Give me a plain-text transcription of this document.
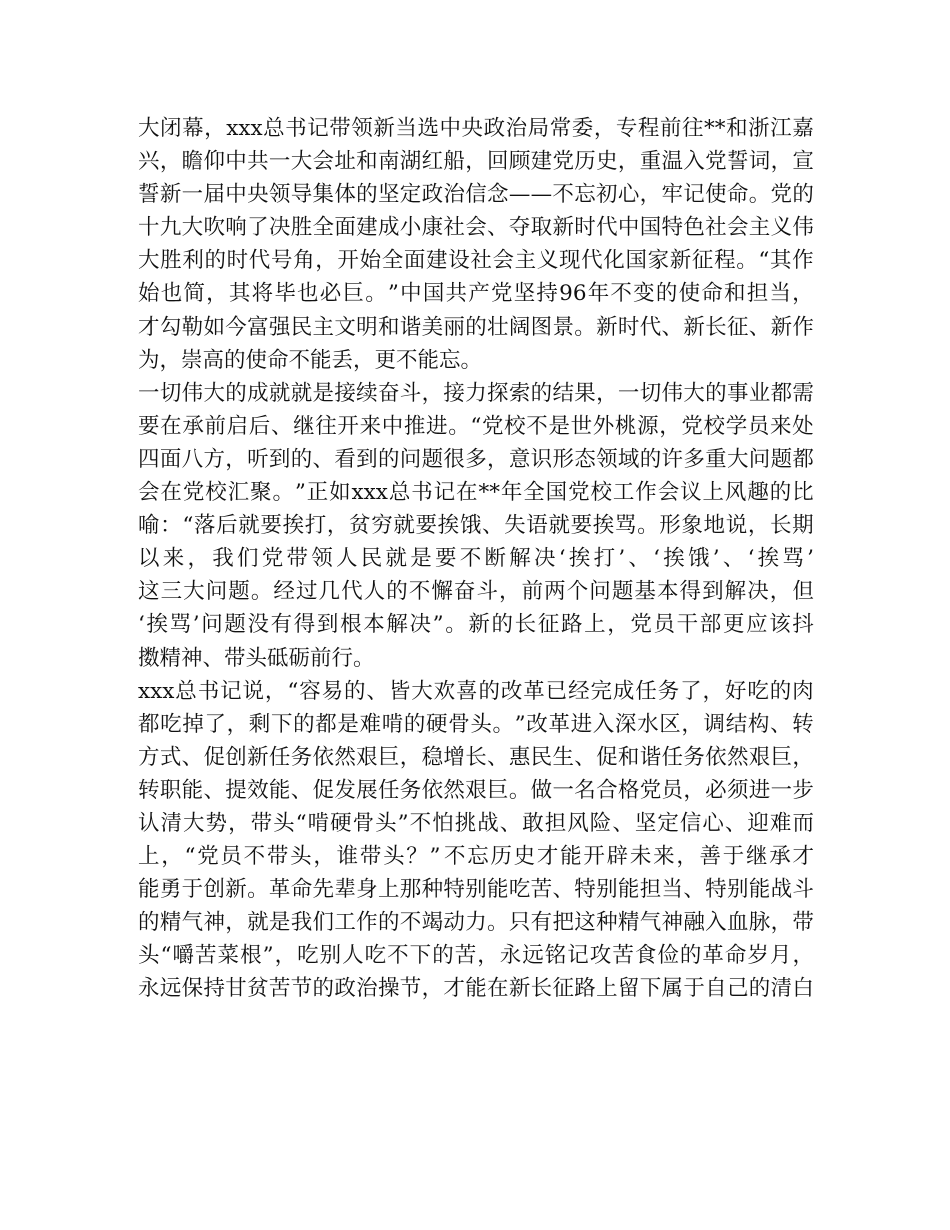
大 闭 幕 ， xxx 总 书 记 带 领 新 当 选 中 央 政 治 局 常 委 ， 专 程 前 往 ** 和 浙 江 嘉
兴 ， 瞻 仰 中 共 一 大 会 址 和 南 湖 红 船 ， 回 顾 建 党 历 史 ， 重 温 入 党 誓 词 ， 宣
誓 新 一 届 中 央 领 导 集 体 的 坚 定 政 治 信 念 — — 不 忘 初 心 ， 牢 记 使 命 。 党 的
十 九 大 吹 响 了 决 胜 全 面 建 成 小 康 社 会 、 夺 取 新 时 代 中 国 特 色 社 会 主 义 伟
大 胜 利 的 时 代 号 角 ， 开 始 全 面 建 设 社 会 主 义 现 代 化 国 家 新 征 程 。 “ 其 作
始 也 简 ， 其 将 毕 也 必 巨 。 ” 中 国 共 产 党 坚 持 96 年 不 变 的 使 命 和 担 当 ，
才 勾 勒 如 今 富 强 民 主 文 明 和 谐 美 丽 的 壮 阔 图 景 。 新 时 代 、 新 长 征 、 新 作
为，崇高的使命不能丢，更不能忘。
一 切 伟 大 的 成 就 就 是 接 续 奋 斗 ， 接 力 探 索 的 结 果 ， 一 切 伟 大 的 事 业 都 需
要 在 承 前 启 后 、 继 往 开 来 中 推 进 。 “ 党 校 不 是 世 外 桃 源 ， 党 校 学 员 来 处
四 面 八 方 ， 听 到 的 、 看 到 的 问 题 很 多 ， 意 识 形 态 领 域 的 许 多 重 大 问 题 都
会 在 党 校 汇 聚 。 ” 正 如 xxx 总 书 记 在 ** 年 全 国 党 校 工 作 会 议 上 风 趣 的 比
喻 ： “ 落 后 就 要 挨 打 ， 贫 穷 就 要 挨 饿 、 失 语 就 要 挨 骂 。 形 象 地 说 ， 长 期
以 来 ， 我 们 党 带 领 人 民 就 是 要 不 断 解 决 ‘ 挨 打 ’ 、 ‘ 挨 饿 ’ 、 ‘ 挨 骂 ’
这 三 大 问 题 。 经 过 几 代 人 的 不 懈 奋 斗 ， 前 两 个 问 题 基 本 得 到 解 决 ， 但
‘ 挨 骂 ’ 问 题 没 有 得 到 根 本 解 决 ” 。 新 的 长 征 路 上 ， 党 员 干 部 更 应 该 抖
擞精神、带头砥砺前行。
xxx 总 书 记 说 ， “ 容 易 的 、 皆 大 欢 喜 的 改 革 已 经 完 成 任 务 了 ， 好 吃 的 肉
都 吃 掉 了 ， 剩 下 的 都 是 难 啃 的 硬 骨 头 。 ” 改 革 进 入 深 水 区 ， 调 结 构 、 转
方 式 、 促 创 新 任 务 依 然 艰 巨 ， 稳 增 长 、 惠 民 生 、 促 和 谐 任 务 依 然 艰 巨 ，
转 职 能 、 提 效 能 、 促 发 展 任 务 依 然 艰 巨 。 做 一 名 合 格 党 员 ， 必 须 进 一 步
认 清 大 势 ， 带 头 “ 啃 硬 骨 头 ” 不 怕 挑 战 、 敢 担 风 险 、 坚 定 信 心 、 迎 难 而
上 ， “ 党 员 不 带 头 ， 谁 带 头 ？ ” 不 忘 历 史 才 能 开 辟 未 来 ， 善 于 继 承 才
能 勇 于 创 新 。 革 命 先 辈 身 上 那 种 特 别 能 吃 苦 、 特 别 能 担 当 、 特 别 能 战 斗
的 精 气 神 ， 就 是 我 们 工 作 的 不 竭 动 力 。 只 有 把 这 种 精 气 神 融 入 血 脉 ， 带
头 “ 嚼 苦 菜 根 ” ， 吃 别 人 吃 不 下 的 苦 ， 永 远 铭 记 攻 苦 食 俭 的 革 命 岁 月 ，
永 远 保 持 甘 贫 苦 节 的 政 治 操 节 ， 才 能 在 新 长 征 路 上 留 下 属 于 自 己 的 清 白
